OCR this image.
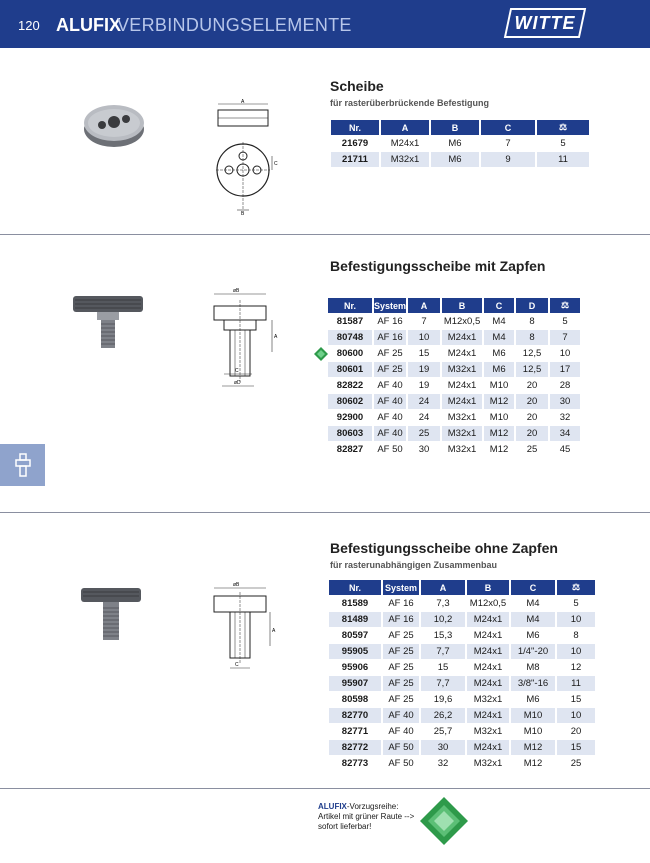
120 ALUFIX
VERBINDUNGSELEMENTE	WITTE
A
C
B
Scheibe
für rasterüberbrückende Befestigung
Nr.	A	B	C	⚖
21679	M24x1	M6	7	5
21711	M32x1	M6	9	11
øB
A
C
øD
Befestigungsscheibe mit Zapfen
Nr.	System	A	B	C	D	⚖
81587	AF 16	7	M12x0,5	M4	8	5
80748	AF 16	10	M24x1	M4	8	7
80600	AF 25	15	M24x1	M6	12,5	10
80601	AF 25	19	M32x1	M6	12,5	17
82822	AF 40	19	M24x1	M10	20	28
80602	AF 40	24	M24x1	M12	20	30
92900	AF 40	24	M32x1	M10	20	32
80603	AF 40	25	M32x1	M12	20	34
82827	AF 50	30	M32x1	M12	25	45
øB
A
C
Befestigungsscheibe ohne Zapfen
für rasterunabhängigen Zusammenbau
Nr.	System	A	B	C	⚖
81589	AF 16	7,3	M12x0,5	M4	5
81489	AF 16	10,2	M24x1	M4	10
80597	AF 25	15,3	M24x1	M6	8
95905	AF 25	7,7	M24x1	1/4"-20	10
95906	AF 25	15	M24x1	M8	12
95907	AF 25	7,7	M24x1	3/8"-16	11
80598	AF 25	19,6	M32x1	M6	15
82770	AF 40	26,2	M24x1	M10	10
82771	AF 40	25,7	M32x1	M10	20
82772	AF 50	30	M24x1	M12	15
82773	AF 50	32	M32x1	M12	25
ALUFIX-Vorzugsreihe:
Artikel mit grüner Raute -->
sofort lieferbar!
